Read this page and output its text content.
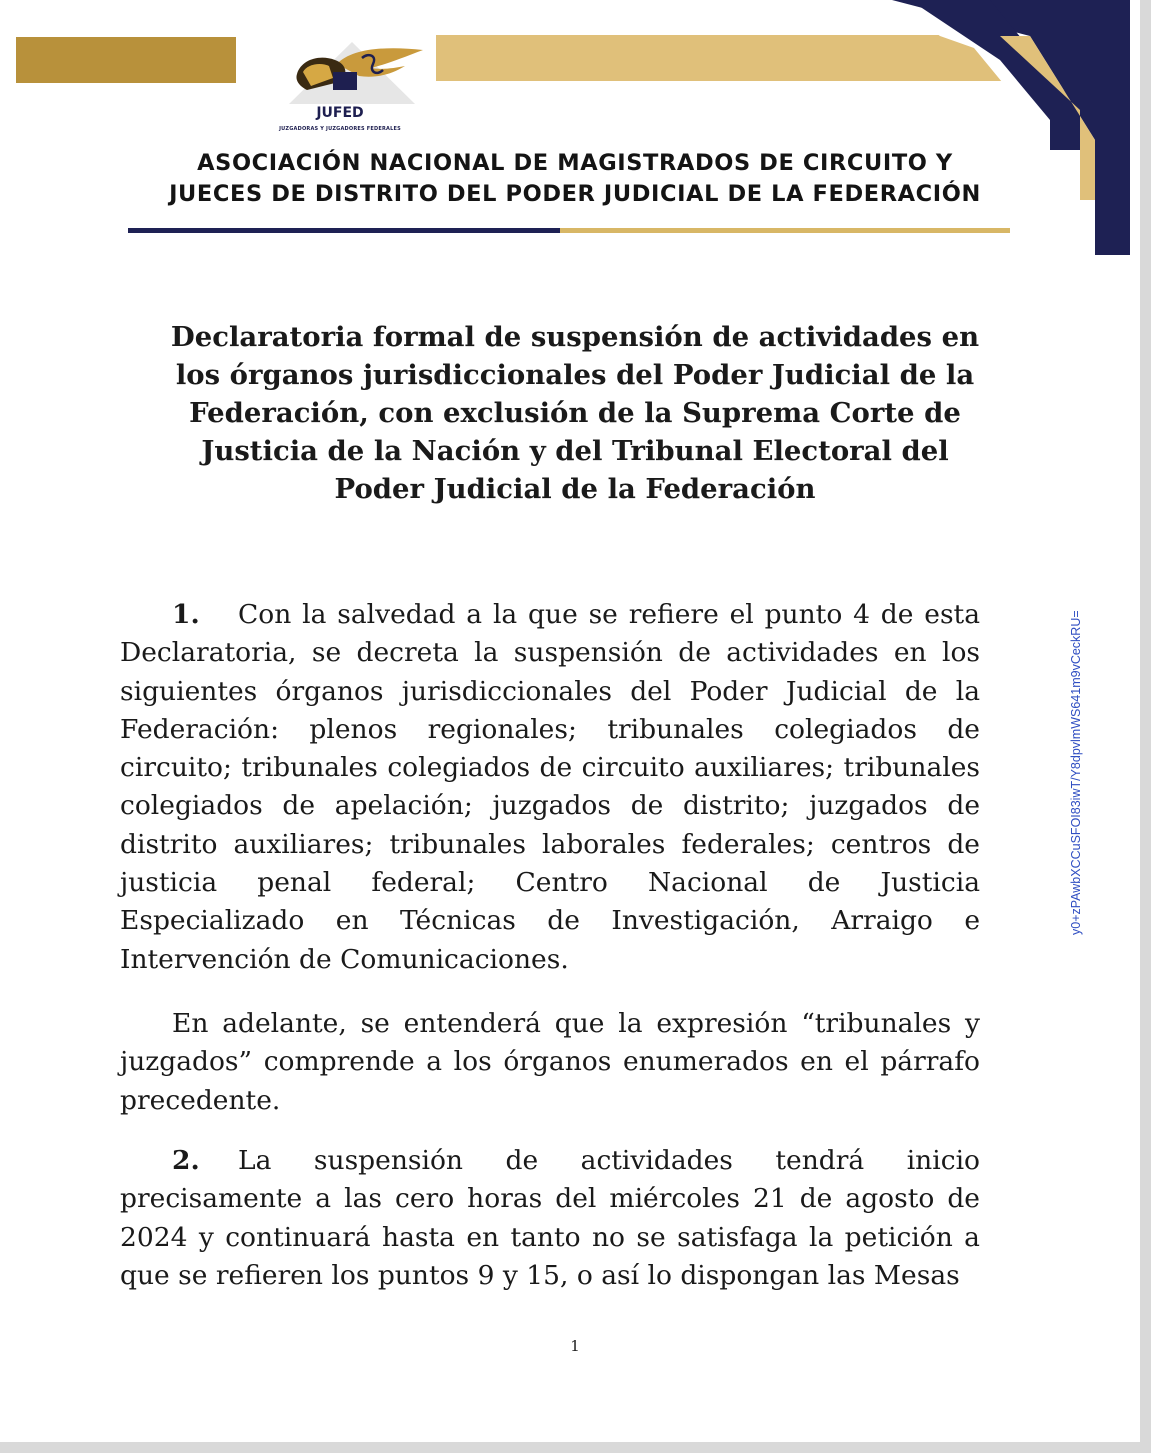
JUFED
JUZGADORAS Y JUZGADORES FEDERALES
ASOCIACIÓN NACIONAL DE MAGISTRADOS DE CIRCUITO Y
JUECES DE DISTRITO DEL PODER JUDICIAL DE LA FEDERACIÓN
Declaratoria formal de suspensión de actividades en
los órganos jurisdiccionales del Poder Judicial de la
Federación, con exclusión de la Suprema Corte de
Justicia de la Nación y del Tribunal Electoral del
Poder Judicial de la Federación

1. Con la salvedad a la que se refiere el punto 4 de esta Declaratoria, se decreta la suspensión de actividades en los siguientes órganos jurisdiccionales del Poder Judicial de la Federación: plenos regionales; tribunales colegiados de circuito; tribunales colegiados de circuito auxiliares; tribunales colegiados de apelación; juzgados de distrito; juzgados de distrito auxiliares; tribunales laborales federales; centros de justicia penal federal; Centro Nacional de Justicia Especializado en Técnicas de Investigación, Arraigo e Intervención de Comunicaciones.

En adelante, se entenderá que la expresión “tribunales y juzgados” comprende a los órganos enumerados en el párrafo precedente.

2. La suspensión de actividades tendrá inicio precisamente a las cero horas del miércoles 21 de agosto de 2024 y continuará hasta en tanto no se satisfaga la petición a que se refieren los puntos 9 y 15, o así lo dispongan las Mesas

1
y0+zPAwbXCCuSFOI83iwT/Y8dpvlmWS641m9vCeckRU=
